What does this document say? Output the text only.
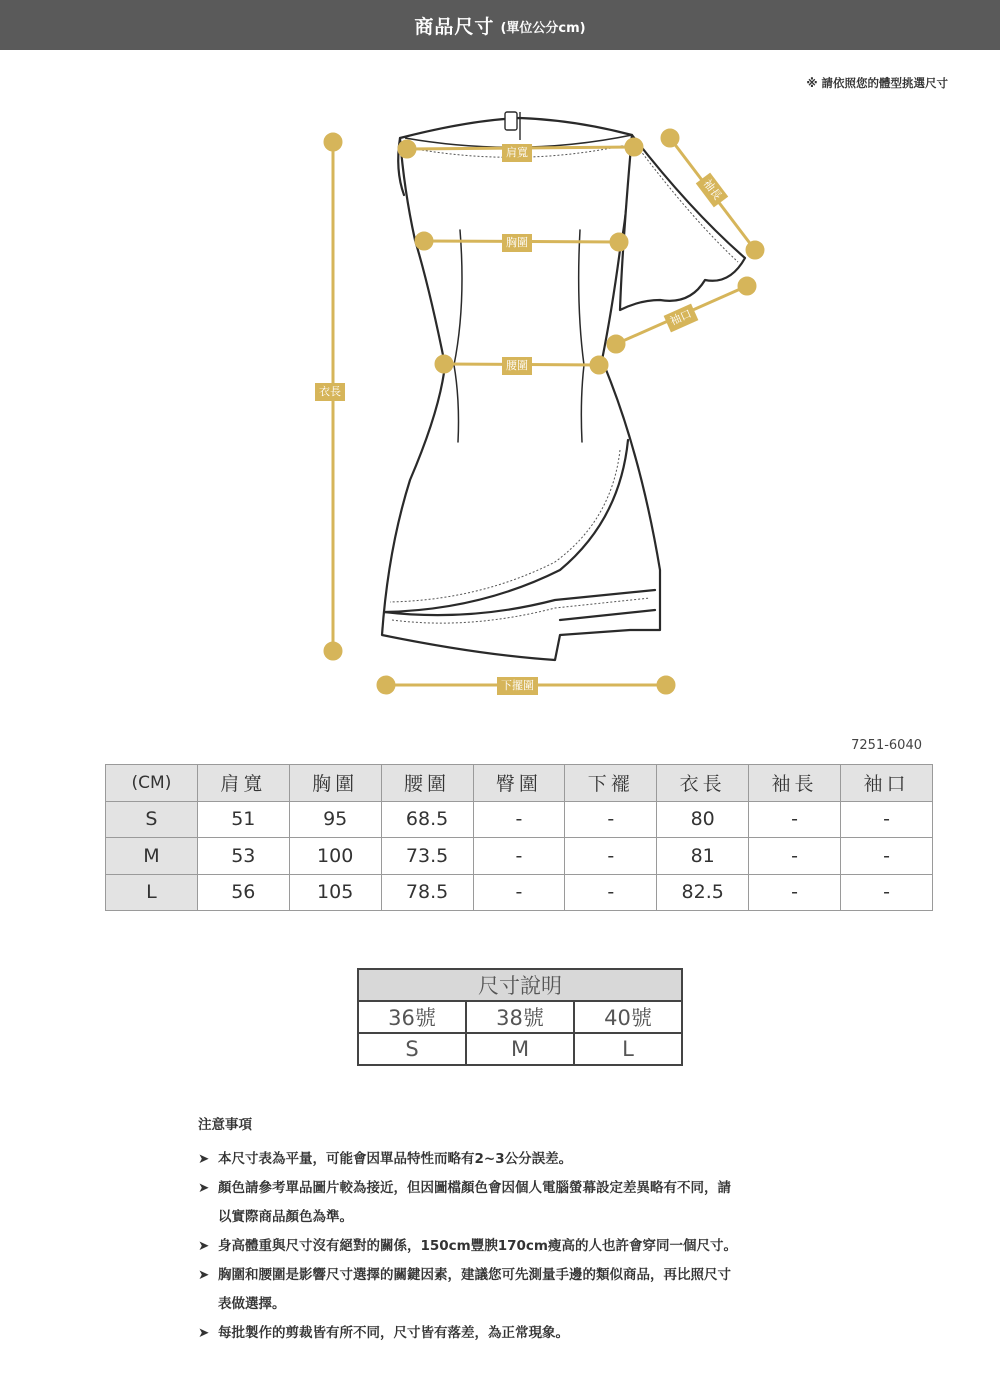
商品尺寸 (單位公分cm)
※ 請依照您的體型挑選尺寸
肩寬
胸圍
腰圍
衣長
袖長
袖口
下擺圍
7251-6040
(CM)	肩寬	胸圍	腰圍	臀圍	下襬	衣長	袖長	袖口
S	51	95	68.5	-	-	80	-	-
M	53	100	73.5	-	-	81	-	-
L	56	105	78.5	-	-	82.5	-	-
尺寸說明		
36號	38號	40號
S	M	L
注意事項
➤ 本尺寸表為平量，可能會因單品特性而略有2~3公分誤差。
➤ 顏色請參考單品圖片較為接近，但因圖檔顏色會因個人電腦螢幕設定差異略有不同，請
以實際商品顏色為準。
➤ 身高體重與尺寸沒有絕對的關係，150cm豐腴170cm瘦高的人也許會穿同一個尺寸。
➤ 胸圍和腰圍是影響尺寸選擇的關鍵因素，建議您可先測量手邊的類似商品，再比照尺寸
表做選擇。
➤ 每批製作的剪裁皆有所不同，尺寸皆有落差，為正常現象。
